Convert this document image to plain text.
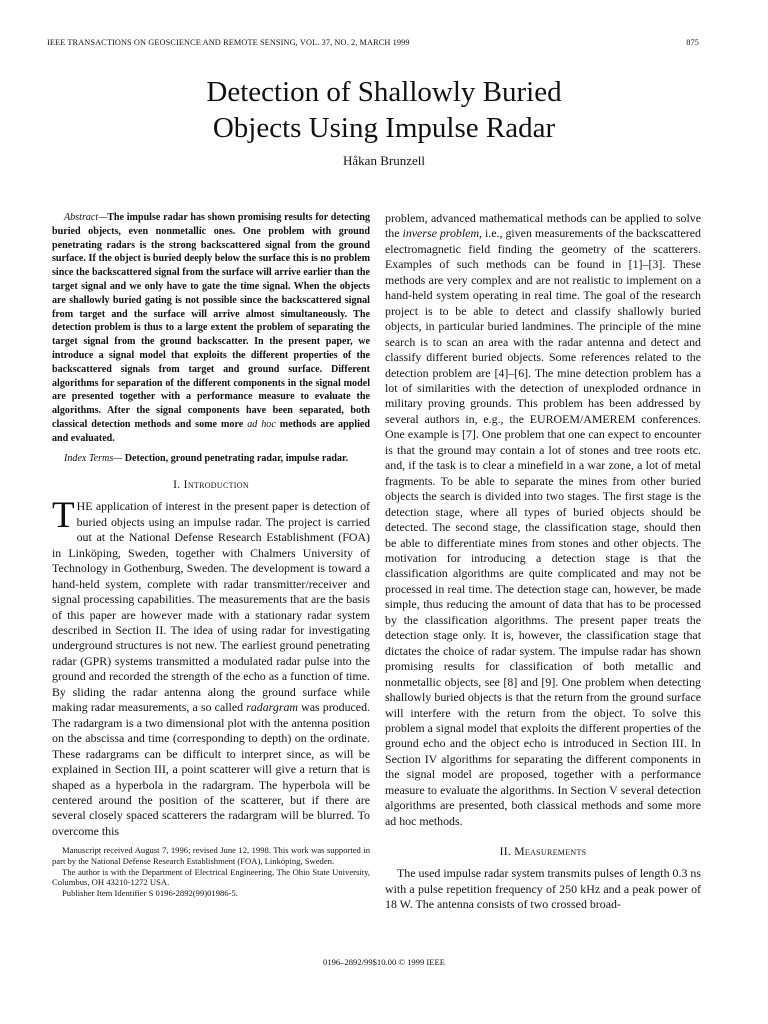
IEEE TRANSACTIONS ON GEOSCIENCE AND REMOTE SENSING, VOL. 37, NO. 2, MARCH 1999	875
Detection of Shallowly Buried
Objects Using Impulse Radar
Håkan Brunzell

Abstract—The impulse radar has shown promising results for detecting buried objects, even nonmetallic ones. One problem with ground penetrating radars is the strong backscattered signal from the ground surface. If the object is buried deeply below the surface this is no problem since the backscattered signal from the surface will arrive earlier than the target signal and we only have to gate the time signal. When the objects are shallowly buried gating is not possible since the backscattered signal from target and the surface will arrive almost simultaneously. The detection problem is thus to a large extent the problem of separating the target signal from the ground backscatter. In the present paper, we introduce a signal model that exploits the different properties of the backscattered signals from target and ground surface. Different algorithms for separation of the different components in the signal model are presented together with a performance measure to evaluate the algorithms. After the signal components have been separated, both classical detection methods and some more ad hoc methods are applied and evaluated.

Index Terms— Detection, ground penetrating radar, impulse radar.

I. Introduction

THE application of interest in the present paper is detection of buried objects using an impulse radar. The project is carried out at the National Defense Research Establishment (FOA) in Linköping, Sweden, together with Chalmers University of Technology in Gothenburg, Sweden. The development is toward a hand-held system, complete with radar transmitter/receiver and signal processing capabilities. The measurements that are the basis of this paper are however made with a stationary radar system described in Section II. The idea of using radar for investigating underground structures is not new. The earliest ground penetrating radar (GPR) systems transmitted a modulated radar pulse into the ground and recorded the strength of the echo as a function of time. By sliding the radar antenna along the ground surface while making radar measurements, a so called radargram was produced. The radargram is a two dimensional plot with the antenna position on the abscissa and time (corresponding to depth) on the ordinate. These radargrams can be difficult to interpret since, as will be explained in Section III, a point scatterer will give a return that is shaped as a hyperbola in the radargram. The hyperbola will be centered around the position of the scatterer, but if there are several closely spaced scatterers the radargram will be blurred. To overcome this

Manuscript received August 7, 1996; revised June 12, 1998. This work was supported in part by the National Defense Research Establishment (FOA), Linköping, Sweden.

The author is with the Department of Electrical Engineering, The Ohio State University, Columbus, OH 43210-1272 USA.

Publisher Item Identifier S 0196-2892(99)01986-5.

problem, advanced mathematical methods can be applied to solve the inverse problem, i.e., given measurements of the backscattered electromagnetic field finding the geometry of the scatterers. Examples of such methods can be found in [1]–[3]. These methods are very complex and are not realistic to implement on a hand-held system operating in real time. The goal of the research project is to be able to detect and classify shallowly buried objects, in particular buried landmines. The principle of the mine search is to scan an area with the radar antenna and detect and classify different buried objects. Some references related to the detection problem are [4]–[6]. The mine detection problem has a lot of similarities with the detection of unexploded ordnance in military proving grounds. This problem has been addressed by several authors in, e.g., the EUROEM/AMEREM conferences. One example is [7]. One problem that one can expect to encounter is that the ground may contain a lot of stones and tree roots etc. and, if the task is to clear a minefield in a war zone, a lot of metal fragments. To be able to separate the mines from other buried objects the search is divided into two stages. The first stage is the detection stage, where all types of buried objects should be detected. The second stage, the classification stage, should then be able to differentiate mines from stones and other objects. The motivation for introducing a detection stage is that the classification algorithms are quite complicated and may not be processed in real time. The detection stage can, however, be made simple, thus reducing the amount of data that has to be processed by the classification algorithms. The present paper treats the detection stage only. It is, however, the classification stage that dictates the choice of radar system. The impulse radar has shown promising results for classification of both metallic and nonmetallic objects, see [8] and [9]. One problem when detecting shallowly buried objects is that the return from the ground surface will interfere with the return from the object. To solve this problem a signal model that exploits the different properties of the ground echo and the object echo is introduced in Section III. In Section IV algorithms for separating the different components in the signal model are proposed, together with a performance measure to evaluate the algorithms. In Section V several detection algorithms are presented, both classical methods and some more ad hoc methods.

II. Measurements

The used impulse radar system transmits pulses of length 0.3 ns with a pulse repetition frequency of 250 kHz and a peak power of 18 W. The antenna consists of two crossed broad-

0196–2892/99$10.00 © 1999 IEEE
